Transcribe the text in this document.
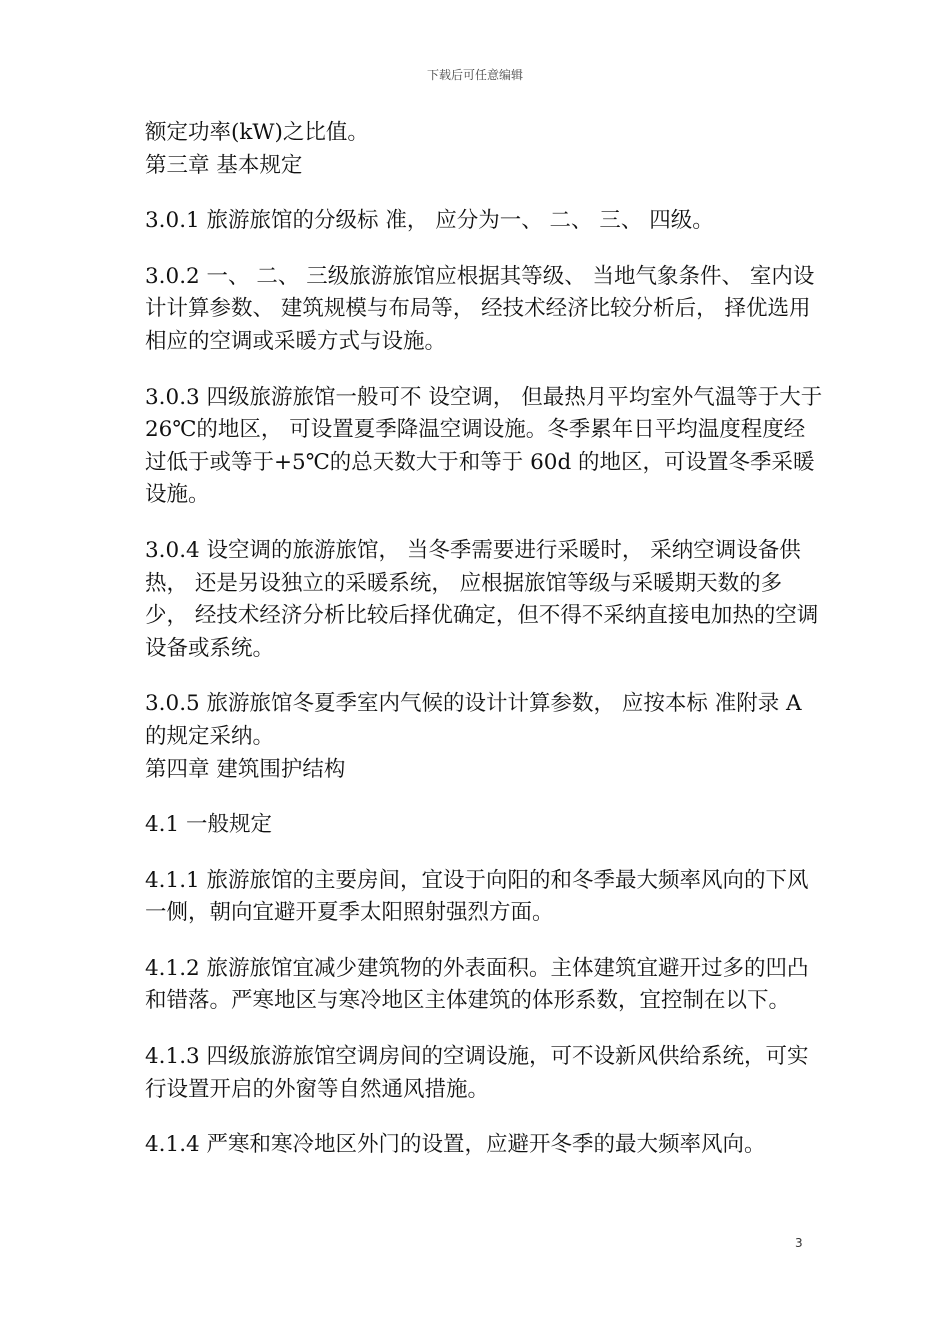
下载后可任意编辑

额定功率(kW)之比值。

第三章 基本规定

3.0.1 旅游旅馆的分级标 准， 应分为一、 二、 三、 四级。

3.0.2 一、 二、 三级旅游旅馆应根据其等级、 当地气象条件、 室内设计计算参数、 建筑规模与布局等， 经技术经济比较分析后， 择优选用相应的空调或采暖方式与设施。

3.0.3 四级旅游旅馆一般可不 设空调， 但最热月平均室外气温等于大于 26℃的地区， 可设置夏季降温空调设施。冬季累年日平均温度程度经过低于或等于+5℃的总天数大于和等于 60d 的地区，可设置冬季采暖设施。

3.0.4 设空调的旅游旅馆， 当冬季需要进行采暖时， 采纳空调设备供热， 还是另设独立的采暖系统， 应根据旅馆等级与采暖期天数的多少， 经技术经济分析比较后择优确定，但不得不采纳直接电加热的空调设备或系统。

3.0.5 旅游旅馆冬夏季室内气候的设计计算参数， 应按本标 准附录 A 的规定采纳。

第四章 建筑围护结构

4.1 一般规定

4.1.1 旅游旅馆的主要房间，宜设于向阳的和冬季最大频率风向的下风一侧，朝向宜避开夏季太阳照射强烈方面。

4.1.2 旅游旅馆宜减少建筑物的外表面积。主体建筑宜避开过多的凹凸和错落。严寒地区与寒冷地区主体建筑的体形系数，宜控制在以下。

4.1.3 四级旅游旅馆空调房间的空调设施，可不设新风供给系统，可实行设置开启的外窗等自然通风措施。

4.1.4 严寒和寒冷地区外门的设置，应避开冬季的最大频率风向。

3
